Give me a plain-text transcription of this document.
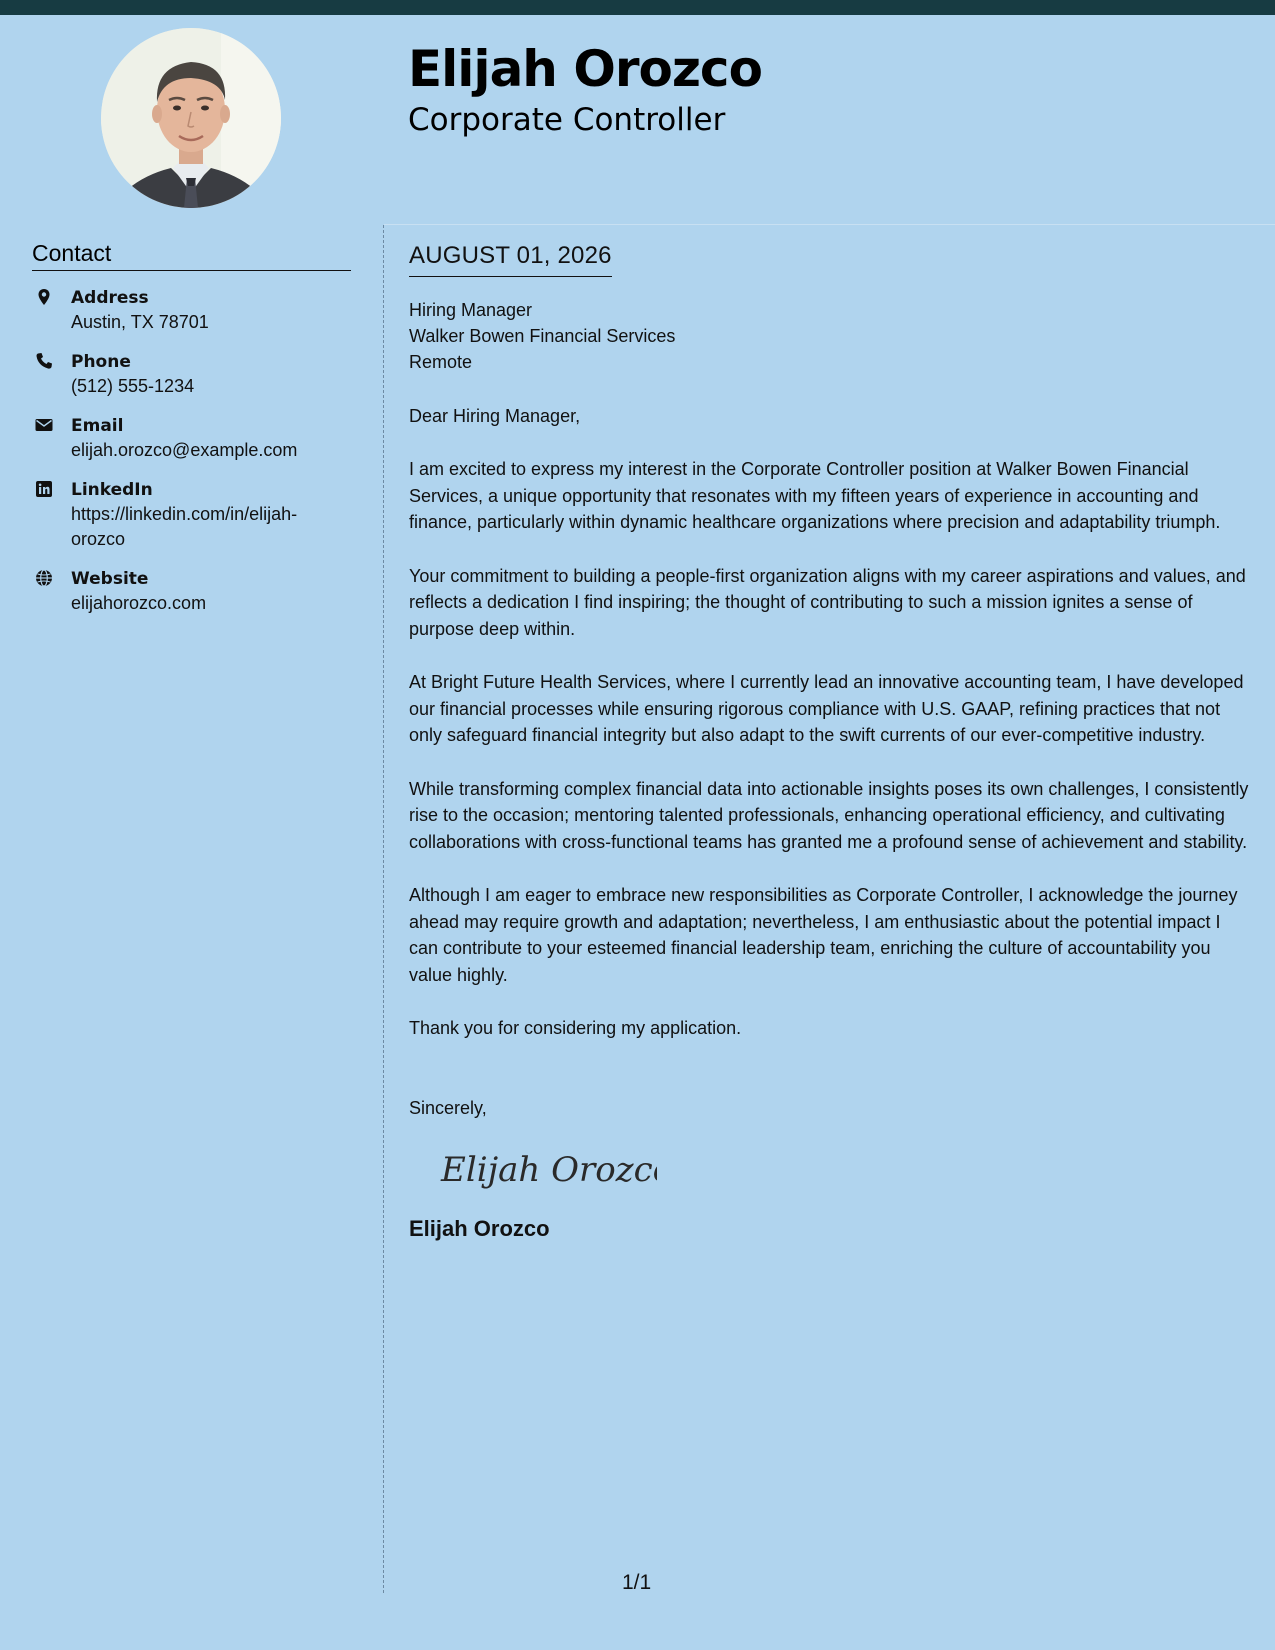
Elijah Orozco
Corporate Controller
Contact
Address
Austin, TX 78701
Phone
(512) 555-1234
Email
elijah.orozco@example.com
LinkedIn
https://linkedin.com/in/elijah-orozco
Website
elijahorozco.com
AUGUST 01, 2026
Hiring Manager
Walker Bowen Financial Services
Remote
Dear Hiring Manager,

I am excited to express my interest in the Corporate Controller position at Walker Bowen Financial Services, a unique opportunity that resonates with my fifteen years of experience in accounting and finance, particularly within dynamic healthcare organizations where precision and adaptability triumph.

Your commitment to building a people-first organization aligns with my career aspirations and values, and reflects a dedication I find inspiring; the thought of contributing to such a mission ignites a sense of purpose deep within.

At Bright Future Health Services, where I currently lead an innovative accounting team, I have developed our financial processes while ensuring rigorous compliance with U.S. GAAP, refining practices that not only safeguard financial integrity but also adapt to the swift currents of our ever-competitive industry.

While transforming complex financial data into actionable insights poses its own challenges, I consistently rise to the occasion; mentoring talented professionals, enhancing operational efficiency, and cultivating collaborations with cross-functional teams has granted me a profound sense of achievement and stability.

Although I am eager to embrace new responsibilities as Corporate Controller, I acknowledge the journey ahead may require growth and adaptation; nevertheless, I am enthusiastic about the potential impact I can contribute to your esteemed financial leadership team, enriching the culture of accountability you value highly.

Thank you for considering my application.

Sincerely,
Elijah Orozco
Elijah Orozco
1/1
